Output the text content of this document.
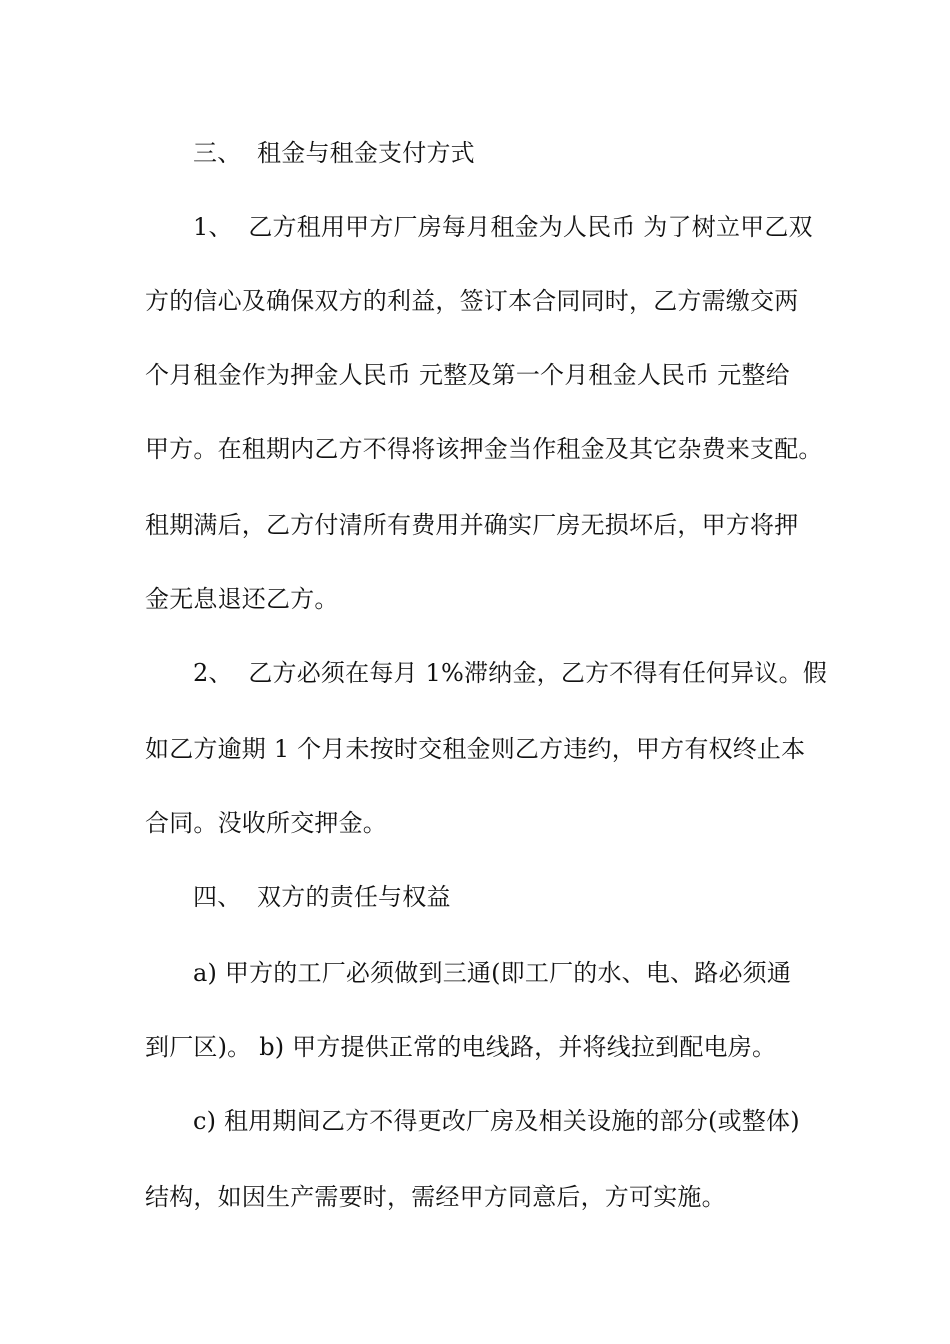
三、  租金与租金支付方式
1、  乙方租用甲方厂房每月租金为人民币 为了树立甲乙双
方的信心及确保双方的利益，签订本合同同时，乙方需缴交两
个月租金作为押金人民币 元整及第一个月租金人民币 元整给
甲方。在租期内乙方不得将该押金当作租金及其它杂费来支配。
租期满后，乙方付清所有费用并确实厂房无损坏后，甲方将押
金无息退还乙方。
2、  乙方必须在每月 1%滞纳金，乙方不得有任何异议。假
如乙方逾期 1 个月未按时交租金则乙方违约，甲方有权终止本
合同。没收所交押金。
四、  双方的责任与权益
a) 甲方的工厂必须做到三通(即工厂的水、电、路必须通
到厂区)。 b) 甲方提供正常的电线路，并将线拉到配电房。
c) 租用期间乙方不得更改厂房及相关设施的部分(或整体)
结构，如因生产需要时，需经甲方同意后，方可实施。
